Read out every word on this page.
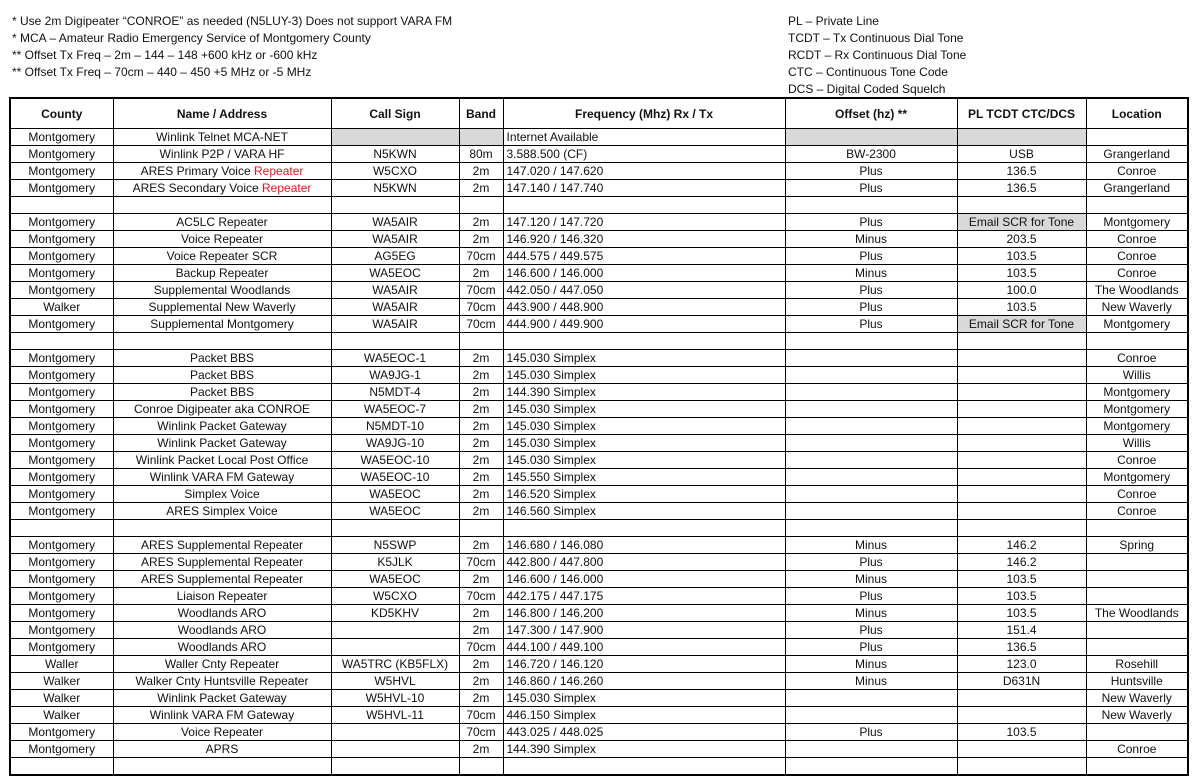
* Use 2m Digipeater “CONROE” as needed (N5LUY-3) Does not support VARA FM
* MCA – Amateur Radio Emergency Service of Montgomery County
** Offset Tx Freq – 2m – 144 – 148 +600 kHz or -600 kHz
** Offset Tx Freq – 70cm – 440 – 450 +5 MHz or -5 MHz
PL – Private Line
TCDT – Tx Continuous Dial Tone
RCDT – Rx Continuous Dial Tone
CTC – Continuous Tone Code
DCS – Digital Coded Squelch
County	Name / Address	Call Sign	Band	Frequency (Mhz) Rx / Tx	Offset (hz) **	PL TCDT CTC/DCS	Location
Montgomery	Winlink Telnet MCA-NET			Internet Available			
Montgomery	Winlink P2P / VARA HF	N5KWN	80m	3.588.500 (CF)	BW-2300	USB	Grangerland
Montgomery	ARES Primary Voice Repeater	W5CXO	2m	147.020 / 147.620	Plus	136.5	Conroe
Montgomery	ARES Secondary Voice Repeater	N5KWN	2m	147.140 / 147.740	Plus	136.5	Grangerland

Montgomery	AC5LC Repeater	WA5AIR	2m	147.120 / 147.720	Plus	Email SCR for Tone	Montgomery
Montgomery	Voice Repeater	WA5AIR	2m	146.920 / 146.320	Minus	203.5	Conroe
Montgomery	Voice Repeater SCR	AG5EG	70cm	444.575 / 449.575	Plus	103.5	Conroe
Montgomery	Backup Repeater	WA5EOC	2m	146.600 / 146.000	Minus	103.5	Conroe
Montgomery	Supplemental Woodlands	WA5AIR	70cm	442.050 / 447.050	Plus	100.0	The Woodlands
Walker	Supplemental New Waverly	WA5AIR	70cm	443.900 / 448.900	Plus	103.5	New Waverly
Montgomery	Supplemental Montgomery	WA5AIR	70cm	444.900 / 449.900	Plus	Email SCR for Tone	Montgomery

Montgomery	Packet BBS	WA5EOC-1	2m	145.030 Simplex			Conroe
Montgomery	Packet BBS	WA9JG-1	2m	145.030 Simplex			Willis
Montgomery	Packet BBS	N5MDT-4	2m	144.390 Simplex			Montgomery
Montgomery	Conroe Digipeater aka CONROE	WA5EOC-7	2m	145.030 Simplex			Montgomery
Montgomery	Winlink Packet Gateway	N5MDT-10	2m	145.030 Simplex			Montgomery
Montgomery	Winlink Packet Gateway	WA9JG-10	2m	145.030 Simplex			Willis
Montgomery	Winlink Packet Local Post Office	WA5EOC-10	2m	145.030 Simplex			Conroe
Montgomery	Winlink VARA FM Gateway	WA5EOC-10	2m	145.550 Simplex			Montgomery
Montgomery	Simplex Voice	WA5EOC	2m	146.520 Simplex			Conroe
Montgomery	ARES Simplex Voice	WA5EOC	2m	146.560 Simplex			Conroe

Montgomery	ARES Supplemental Repeater	N5SWP	2m	146.680 / 146.080	Minus	146.2	Spring
Montgomery	ARES Supplemental Repeater	K5JLK	70cm	442.800 / 447.800	Plus	146.2	
Montgomery	ARES Supplemental Repeater	WA5EOC	2m	146.600 / 146.000	Minus	103.5	
Montgomery	Liaison Repeater	W5CXO	70cm	442.175 / 447.175	Plus	103.5	
Montgomery	Woodlands ARO	KD5KHV	2m	146.800 / 146.200	Minus	103.5	The Woodlands
Montgomery	Woodlands ARO		2m	147.300 / 147.900	Plus	151.4	
Montgomery	Woodlands ARO		70cm	444.100 / 449.100	Plus	136.5	
Waller	Waller Cnty Repeater	WA5TRC (KB5FLX)	2m	146.720 / 146.120	Minus	123.0	Rosehill
Walker	Walker Cnty Huntsville Repeater	W5HVL	2m	146.860 / 146.260	Minus	D631N	Huntsville
Walker	Winlink Packet Gateway	W5HVL-10	2m	145.030 Simplex			New Waverly
Walker	Winlink VARA FM Gateway	W5HVL-11	70cm	446.150 Simplex			New Waverly
Montgomery	Voice Repeater		70cm	443.025 / 448.025	Plus	103.5	
Montgomery	APRS		2m	144.390 Simplex			Conroe
